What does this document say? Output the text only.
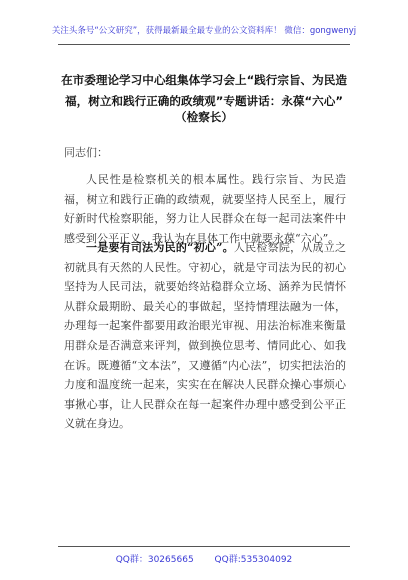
关注头条号“公文研究”，获得最新最全最专业的公文资料库！ 微信：gongwenyj
在市委理论学习中心组集体学习会上“践行宗旨、为民造福，树立和践行正确的政绩观”专题讲话：永葆“六心”
（检察长）
同志们：

人民性是检察机关的根本属性。践行宗旨、为民造福，树立和践行正确的政绩观，就要坚持人民至上，履行好新时代检察职能，努力让人民群众在每一起司法案件中感受到公平正义。我认为在具体工作中就要永葆“六心”。

一是要有司法为民的“初心”。人民检察院，从成立之初就具有天然的人民性。守初心，就是守司法为民的初心坚持为人民司法，就要始终站稳群众立场、涵养为民情怀从群众最期盼、最关心的事做起，坚持情理法融为一体，办理每一起案件都要用政治眼光审视、用法治标准来衡量用群众是否满意来评判，做到换位思考、情同此心、如我在诉。既遵循“文本法”，又遵循“内心法”，切实把法治的力度和温度统一起来，实实在在解决人民群众操心事烦心事揪心事，让人民群众在每一起案件办理中感受到公平正义就在身边。

QQ群：30265665 QQ群:535304092
